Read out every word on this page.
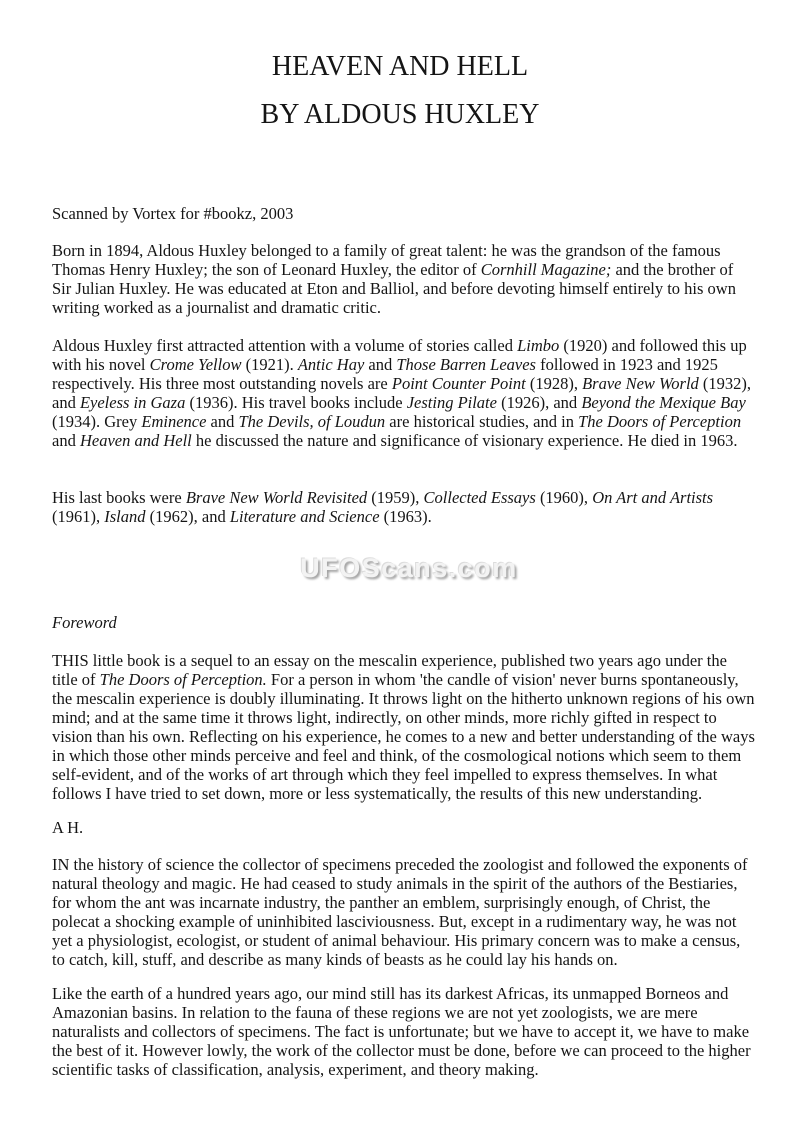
HEAVEN AND HELL
BY ALDOUS HUXLEY
Scanned by Vortex for #bookz, 2003
Born in 1894, Aldous Huxley belonged to a family of great talent: he was the grandson of the famous Thomas Henry Huxley; the son of Leonard Huxley, the editor of Cornhill Magazine; and the brother of Sir Julian Huxley. He was educated at Eton and Balliol, and before devoting himself entirely to his own writing worked as a journalist and dramatic critic.
Aldous Huxley first attracted attention with a volume of stories called Limbo (1920) and followed this up with his novel Crome Yellow (1921). Antic Hay and Those Barren Leaves followed in 1923 and 1925 respectively. His three most outstanding novels are Point Counter Point (1928), Brave New World (1932), and Eyeless in Gaza (1936). His travel books include Jesting Pilate (1926), and Beyond the Mexique Bay (1934). Grey Eminence and The Devils, of Loudun are historical studies, and in The Doors of Perception and Heaven and Hell he discussed the nature and significance of visionary experience. He died in 1963.
His last books were Brave New World Revisited (1959), Collected Essays (1960), On Art and Artists (1961), Island (1962), and Literature and Science (1963).
UFOScans.com
Foreword
THIS little book is a sequel to an essay on the mescalin experience, published two years ago under the title of The Doors of Perception. For a person in whom 'the candle of vision' never burns spontaneously, the mescalin experience is doubly illuminating. It throws light on the hitherto unknown regions of his own mind; and at the same time it throws light, indirectly, on other minds, more richly gifted in respect to vision than his own. Reflecting on his experience, he comes to a new and better understanding of the ways in which those other minds perceive and feel and think, of the cosmological notions which seem to them self-evident, and of the works of art through which they feel impelled to express themselves. In what follows I have tried to set down, more or less systematically, the results of this new understanding.
A H.
IN the history of science the collector of specimens preceded the zoologist and followed the exponents of natural theology and magic. He had ceased to study animals in the spirit of the authors of the Bestiaries, for whom the ant was incarnate industry, the panther an emblem, surprisingly enough, of Christ, the polecat a shocking example of uninhibited lasciviousness. But, except in a rudimentary way, he was not yet a physiologist, ecologist, or student of animal behaviour. His primary concern was to make a census, to catch, kill, stuff, and describe as many kinds of beasts as he could lay his hands on.
Like the earth of a hundred years ago, our mind still has its darkest Africas, its unmapped Borneos and Amazonian basins. In relation to the fauna of these regions we are not yet zoologists, we are mere naturalists and collectors of specimens. The fact is unfortunate; but we have to accept it, we have to make the best of it. However lowly, the work of the collector must be done, before we can proceed to the higher scientific tasks of classification, analysis, experiment, and theory making.
